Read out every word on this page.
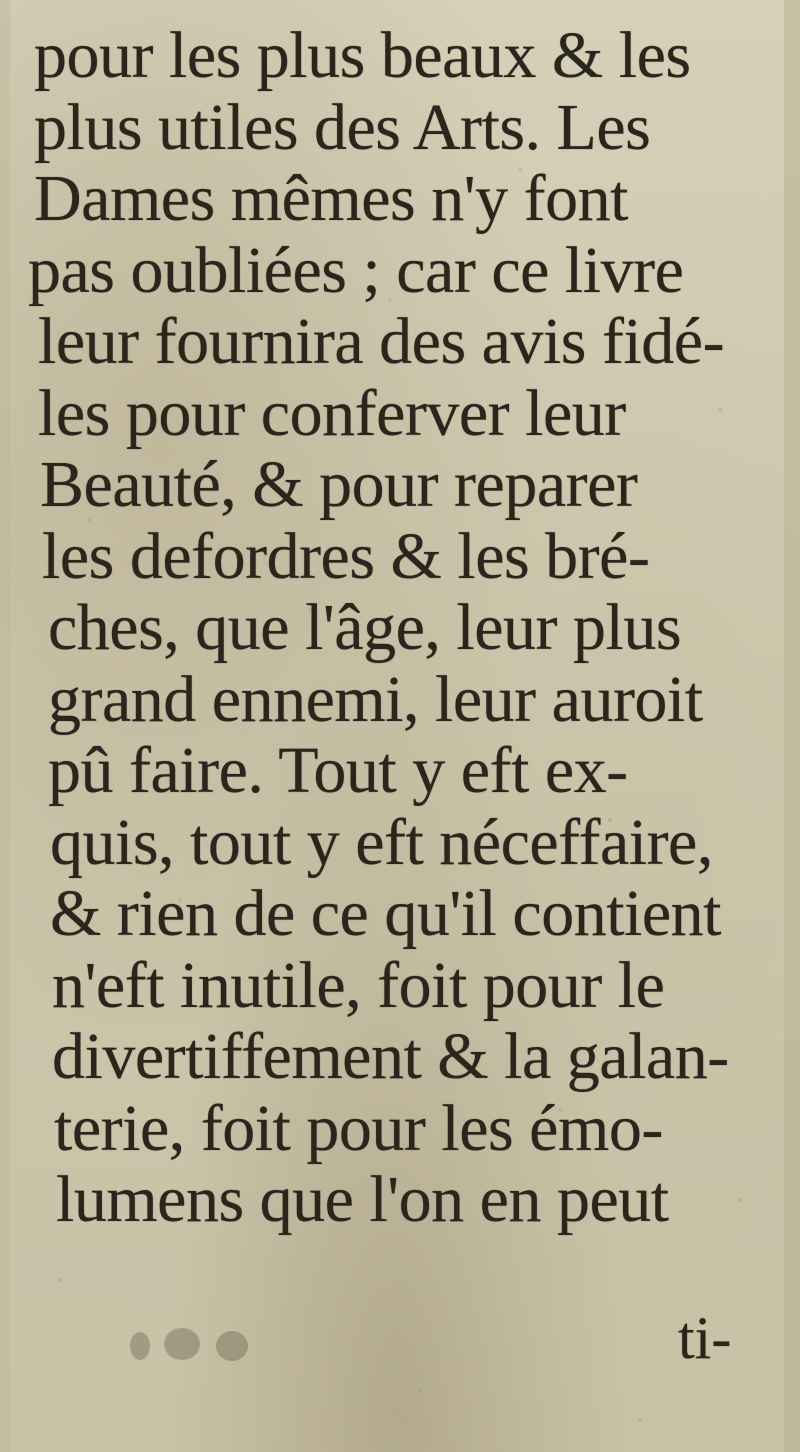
pour les plus beaux & les
plus utiles des Arts. Les
Dames mêmes n'y font
pas oubliées ; car ce livre
leur fournira des avis fidé-
les pour conferver leur
Beauté, & pour reparer
les defordres & les bré-
ches, que l'âge, leur plus
grand ennemi, leur auroit
pû faire. Tout y eft ex-
quis, tout y eft néceffaire,
& rien de ce qu'il contient
n'eft inutile, foit pour le
divertiffement & la galan-
terie, foit pour les émo-
lumens que l'on en peut
ti-
